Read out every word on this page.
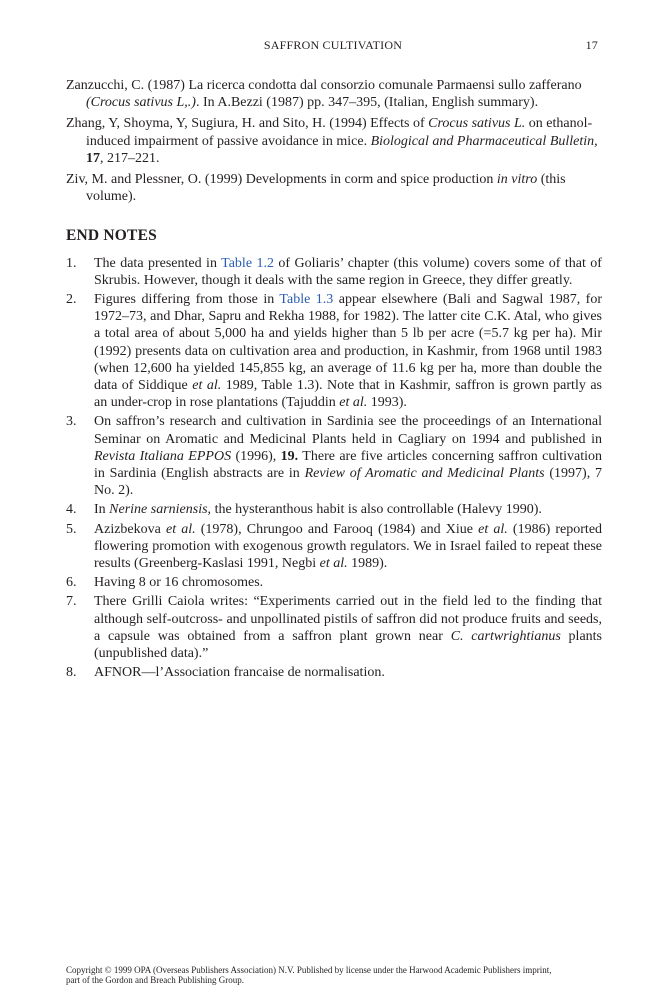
SAFFRON CULTIVATION	17

Zanzucchi, C. (1987) La ricerca condotta dal consorzio comunale Parmaensi sullo zafferano (Crocus sativus L,.). In A.Bezzi (1987) pp. 347–395, (Italian, English summary).

Zhang, Y, Shoyma, Y, Sugiura, H. and Sito, H. (1994) Effects of Crocus sativus L. on ethanol-induced impairment of passive avoidance in mice. Biological and Pharmaceutical Bulletin, 17, 217–221.

Ziv, M. and Plessner, O. (1999) Developments in corm and spice production in vitro (this volume).

END NOTES
1. The data presented in Table 1.2 of Goliaris’ chapter (this volume) covers some of that of Skrubis. However, though it deals with the same region in Greece, they differ greatly.
2. Figures differing from those in Table 1.3 appear elsewhere (Bali and Sagwal 1987, for 1972–73, and Dhar, Sapru and Rekha 1988, for 1982). The latter cite C.K. Atal, who gives a total area of about 5,000 ha and yields higher than 5 lb per acre (=5.7 kg per ha). Mir (1992) presents data on cultivation area and production, in Kashmir, from 1968 until 1983 (when 12,600 ha yielded 145,855 kg, an average of 11.6 kg per ha, more than double the data of Siddique et al. 1989, Table 1.3). Note that in Kashmir, saffron is grown partly as an under-crop in rose plantations (Tajuddin et al. 1993).
3. On saffron’s research and cultivation in Sardinia see the proceedings of an International Seminar on Aromatic and Medicinal Plants held in Cagliary on 1994 and published in Revista Italiana EPPOS (1996), 19. There are five articles concerning saffron cultivation in Sardinia (English abstracts are in Review of Aromatic and Medicinal Plants (1997), 7 No. 2).
4. In Nerine sarniensis, the hysteranthous habit is also controllable (Halevy 1990).
5. Azizbekova et al. (1978), Chrungoo and Farooq (1984) and Xiue et al. (1986) reported flowering promotion with exogenous growth regulators. We in Israel failed to repeat these results (Greenberg-Kaslasi 1991, Negbi et al. 1989).
6. Having 8 or 16 chromosomes.
7. There Grilli Caiola writes: “Experiments carried out in the field led to the finding that although self-outcross- and unpollinated pistils of saffron did not produce fruits and seeds, a capsule was obtained from a saffron plant grown near C. cartwrightianus plants (unpublished data).”
8. AFNOR—l’Association francaise de normalisation.
Copyright © 1999 OPA (Overseas Publishers Association) N.V. Published by license under the Harwood Academic Publishers imprint,
part of the Gordon and Breach Publishing Group.
